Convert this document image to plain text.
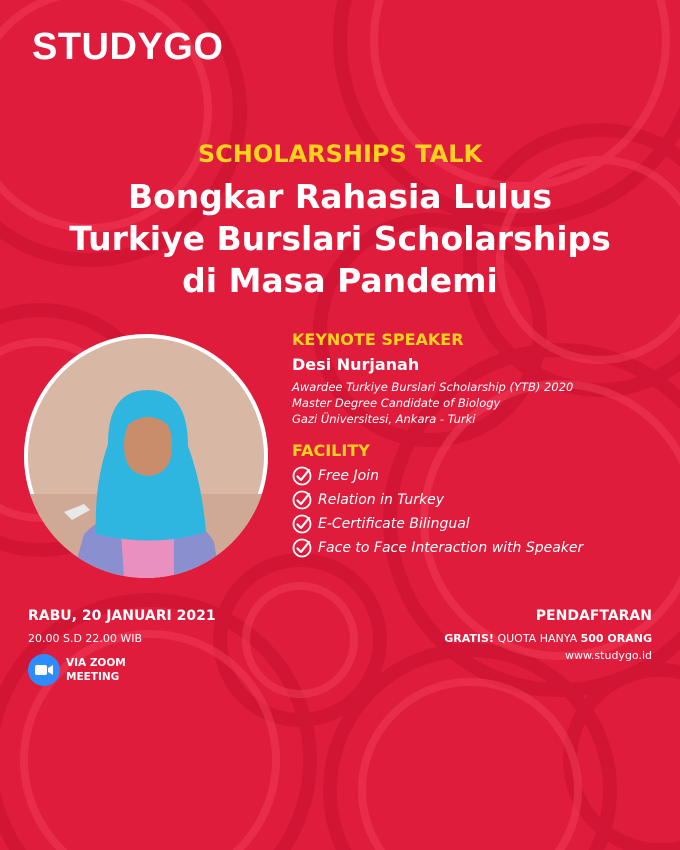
STUDYGO
SCHOLARSHIPS TALK
Bongkar Rahasia Lulus
Turkiye Burslari Scholarships
di Masa Pandemi
KEYNOTE SPEAKER
Desi Nurjanah
Awardee Turkiye Burslari Scholarship (YTB) 2020
Master Degree Candidate of Biology
Gazi Üniversitesi, Ankara - Turki
FACILITY
Free Join
Relation in Turkey
E-Certificate Bilingual
Face to Face Interaction with Speaker
RABU, 20 JANUARI 2021
20.00 S.D 22.00 WIB
VIA ZOOM
MEETING
PENDAFTARAN
GRATIS! QUOTA HANYA 500 ORANG
www.studygo.id
